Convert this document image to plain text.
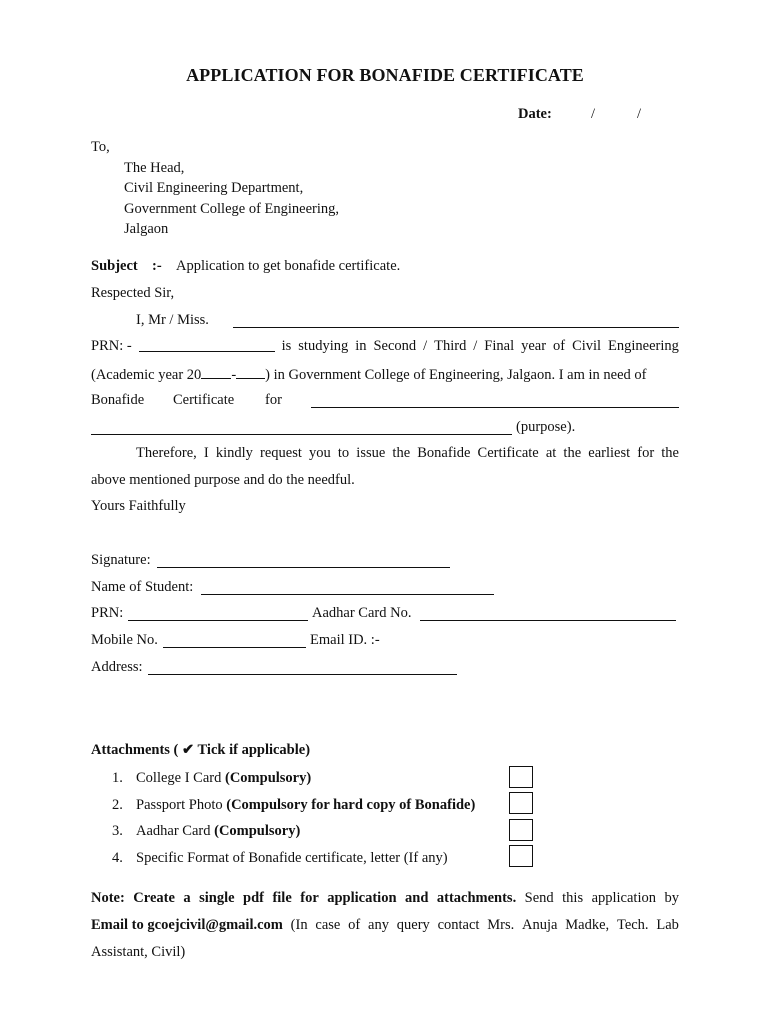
APPLICATION FOR BONAFIDE CERTIFICATE
Date:	/	/
To,
The Head,
Civil Engineering Department,
Government College of Engineering,
Jalgaon
Subject :- Application to get bonafide certificate.
Respected Sir,
I, Mr / Miss.
PRN: -	is studying in Second / Third / Final year of Civil Engineering
(Academic year 20 - ) in Government College of Engineering, Jalgaon. I am in need of
Bonafide Certificate for
(purpose).
Therefore, I kindly request you to issue the Bonafide Certificate at the earliest for the
above mentioned purpose and do the needful.
Yours Faithfully
Signature:
Name of Student:
PRN:	Aadhar Card No.
Mobile No.	Email ID. :-
Address:
Attachments ( ✔ Tick if applicable)
1. College I Card (Compulsory)
2. Passport Photo (Compulsory for hard copy of Bonafide)
3. Aadhar Card (Compulsory)
4. Specific Format of Bonafide certificate, letter (If any)
Note: Create a single pdf file for application and attachments. Send this application by
Email to gcoejcivil@gmail.com (In case of any query contact Mrs. Anuja Madke, Tech. Lab
Assistant, Civil)
